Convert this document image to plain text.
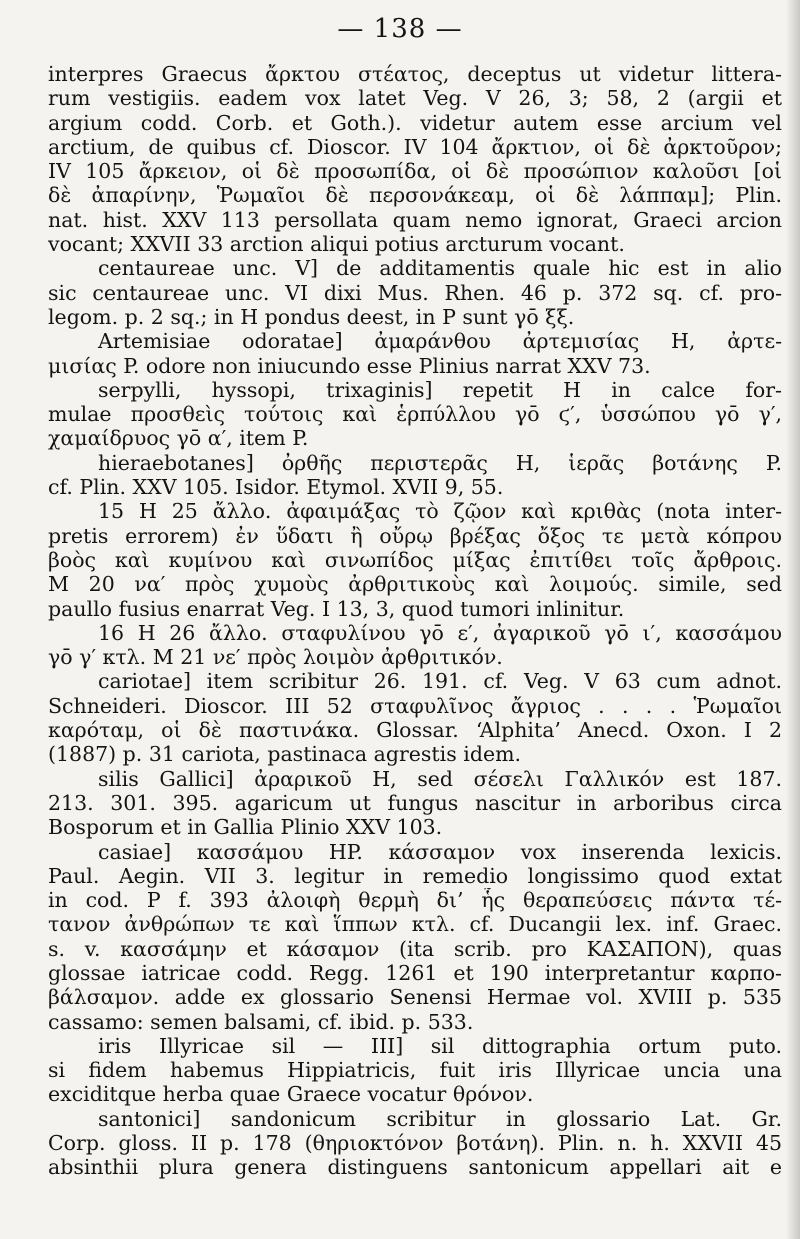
— 138 —
interpres Graecus ἄρκτου στέατος, deceptus ut videtur littera-
rum vestigiis. eadem vox latet Veg. V 26, 3; 58, 2 (argii et
argium codd. Corb. et Goth.). videtur autem esse arcium vel
arctium, de quibus cf. Dioscor. IV 104 ἄρκτιον, οἱ δὲ ἀρκτοῦρον;
IV 105 ἄρκειον, οἱ δὲ προσωπίδα, οἱ δὲ προσώπιον καλοῦσι [οἱ
δὲ ἀπαρίνην, Ῥωμαῖοι δὲ περσονάκεαμ, οἱ δὲ λάππαμ]; Plin.
nat. hist. XXV 113 persollata quam nemo ignorat, Graeci arcion
vocant; XXVII 33 arction aliqui potius arcturum vocant.
centaureae unc. V] de additamentis quale hic est in alio
sic centaureae unc. VI dixi Mus. Rhen. 46 p. 372 sq. cf. pro-
legom. p. 2 sq.; in H pondus deest, in P sunt γō ξξ.
Artemisiae odoratae] ἀμαράνθου ἀρτεμισίας H, ἀρτε-
μισίας P. odore non iniucundo esse Plinius narrat XXV 73.
serpylli, hyssopi, trixaginis] repetit H in calce for-
mulae προσθεὶς τούτοις καὶ ἑρπύλλου γō ϛ′, ὑσσώπου γō γ′,
χαμαίδρυος γō α′, item P.
hieraebotanes] ὀρθῆς περιστερᾶς H, ἱερᾶς βοτάνης P.
cf. Plin. XXV 105. Isidor. Etymol. XVII 9, 55.
15 H 25 ἄλλο. ἀφαιμάξας τὸ ζῷον καὶ κριθὰς (nota inter-
pretis errorem) ἐν ὕδατι ἢ οὔρῳ βρέξας ὄξος τε μετὰ κόπρου
βοὸς καὶ κυμίνου καὶ σινωπίδος μίξας ἐπιτίθει τοῖς ἄρθροις.
M 20 να′ πρὸς χυμοὺς ἀρθριτικοὺς καὶ λοιμούς. simile, sed
paullo fusius enarrat Veg. I 13, 3, quod tumori inlinitur.
16 H 26 ἄλλο. σταφυλίνου γō ε′, ἀγαρικοῦ γō ι′, κασσάμου
γō γ′ κτλ. M 21 νε′ πρὸς λοιμὸν ἀρθριτικόν.
cariotae] item scribitur 26. 191. cf. Veg. V 63 cum adnot.
Schneideri. Dioscor. III 52 σταφυλῖνος ἄγριος . . . . Ῥωμαῖοι
καρόταμ, οἱ δὲ παστινάκα. Glossar. ‘Alphita’ Anecd. Oxon. I 2
(1887) p. 31 cariota, pastinaca agrestis idem.
silis Gallici] ἀραρικοῦ H, sed σέσελι Γαλλικόν est 187.
213. 301. 395. agaricum ut fungus nascitur in arboribus circa
Bosporum et in Gallia Plinio XXV 103.
casiae] κασσάμου HP. κάσσαμον vox inserenda lexicis.
Paul. Aegin. VII 3. legitur in remedio longissimo quod extat
in cod. P f. 393 ἀλοιφὴ θερμὴ δι’ ἧς θεραπεύσεις πάντα τέ-
τανον ἀνθρώπων τε καὶ ἵππων κτλ. cf. Ducangii lex. inf. Graec.
s. v. κασσάμην et κάσαμον (ita scrib. pro ΚΑΣΑΠΟΝ), quas
glossae iatricae codd. Regg. 1261 et 190 interpretantur καρπο-
βάλσαμον. adde ex glossario Senensi Hermae vol. XVIII p. 535
cassamo: semen balsami, cf. ibid. p. 533.
iris Illyricae sil — III] sil dittographia ortum puto.
si fidem habemus Hippiatricis, fuit iris Illyricae uncia una
exciditque herba quae Graece vocatur θρόνον.
santonici] sandonicum scribitur in glossario Lat. Gr.
Corp. gloss. II p. 178 (θηριοκτόνον βοτάνη). Plin. n. h. XXVII 45
absinthii plura genera distinguens santonicum appellari ait e
